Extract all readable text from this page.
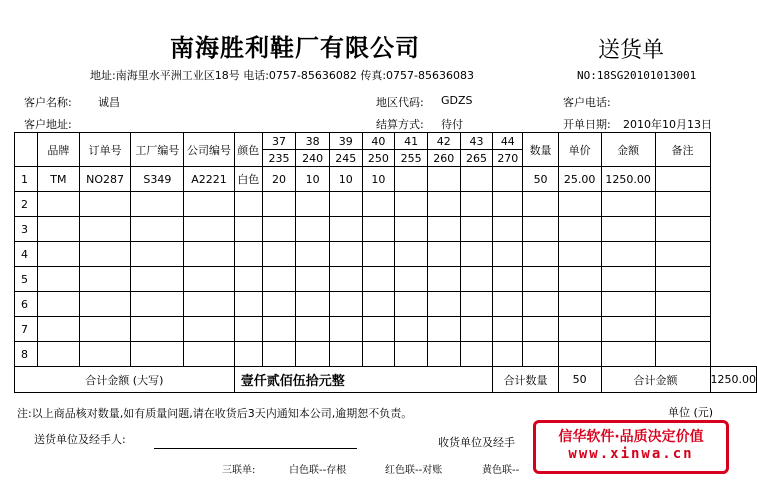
南海胜利鞋厂有限公司	送货单
地址:南海里水平洲工业区18号 电话:0757-85636082 传真:0757-85636083	NO:18SG20101013001
客户名称: 诚昌	地区代码: GDZS	客户电话:
客户地址:	结算方式: 待付	开单日期: 2010年10月13日
	品牌	订单号	工厂编号	公司编号	颜色	37	38	39	40	41	42	43	44	数量	单价	金额	备注	
						235	240	245	250	255	260	265	270					
1	TM	NO287	S349	A2221	白色	20	10	10	10					50	25.00	1250.00		
2																		
3																		
4																		
5																		
6																		
7																		
8																		
合计金额 (大写)					壹仟贰佰伍拾元整								合计数量		50	合计金额		1250.00
注:以上商品核对数量,如有质量问题,请在收货后3天内通知本公司,逾期恕不负责。	单位 (元)
送货单位及经手人:	收货单位及经手
三联单:	白色联--存根	红色联--对账	黄色联--
信华软件·品质决定价值
www.xinwa.cn
